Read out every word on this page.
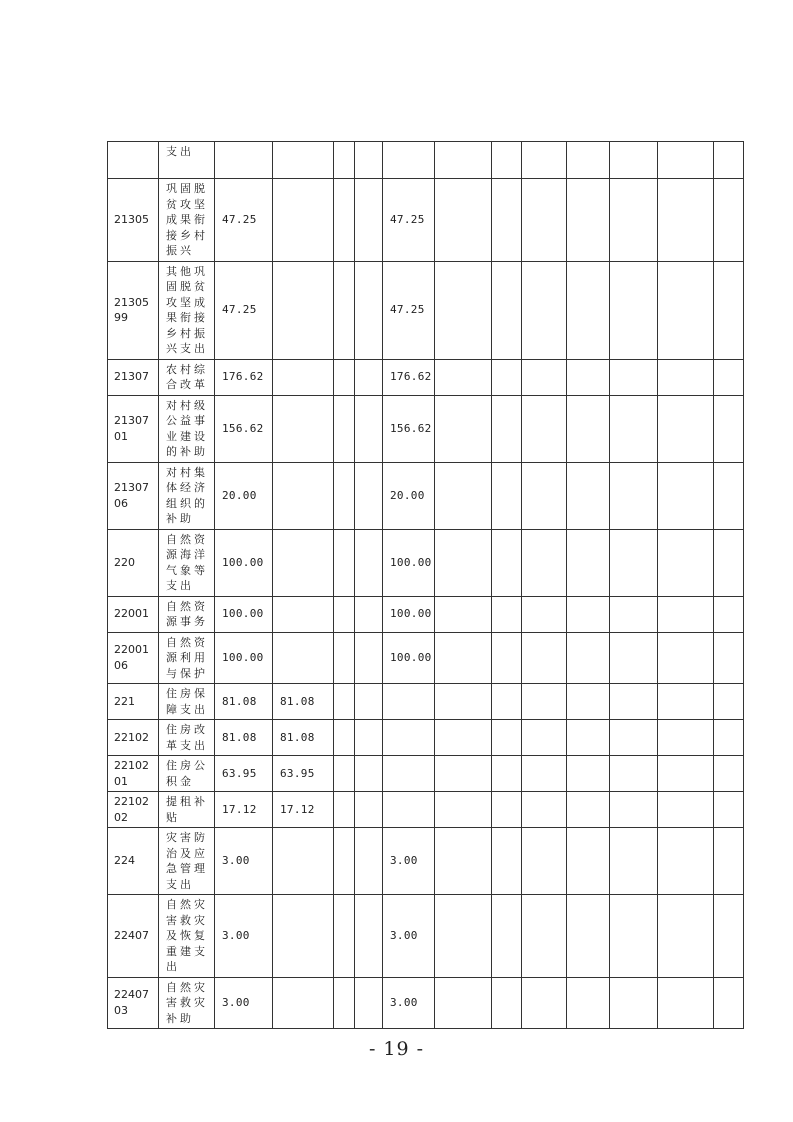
	支出												
21305	巩固脱贫攻坚成果衔接乡村振兴	47.25				47.25							
2130599	其他巩固脱贫攻坚成果衔接乡村振兴支出	47.25				47.25							
21307	农村综合改革	176.62				176.62							
2130701	对村级公益事业建设的补助	156.62				156.62							
2130706	对村集体经济组织的补助	20.00				20.00							
220	自然资源海洋气象等支出	100.00				100.00							
22001	自然资源事务	100.00				100.00							
2200106	自然资源利用与保护	100.00				100.00							
221	住房保障支出	81.08	81.08										
22102	住房改革支出	81.08	81.08										
2210201	住房公积金	63.95	63.95										
2210202	提租补贴	17.12	17.12										
224	灾害防治及应急管理支出	3.00				3.00							
22407	自然灾害救灾及恢复重建支出	3.00				3.00							
2240703	自然灾害救灾补助	3.00				3.00							
- 19 -
